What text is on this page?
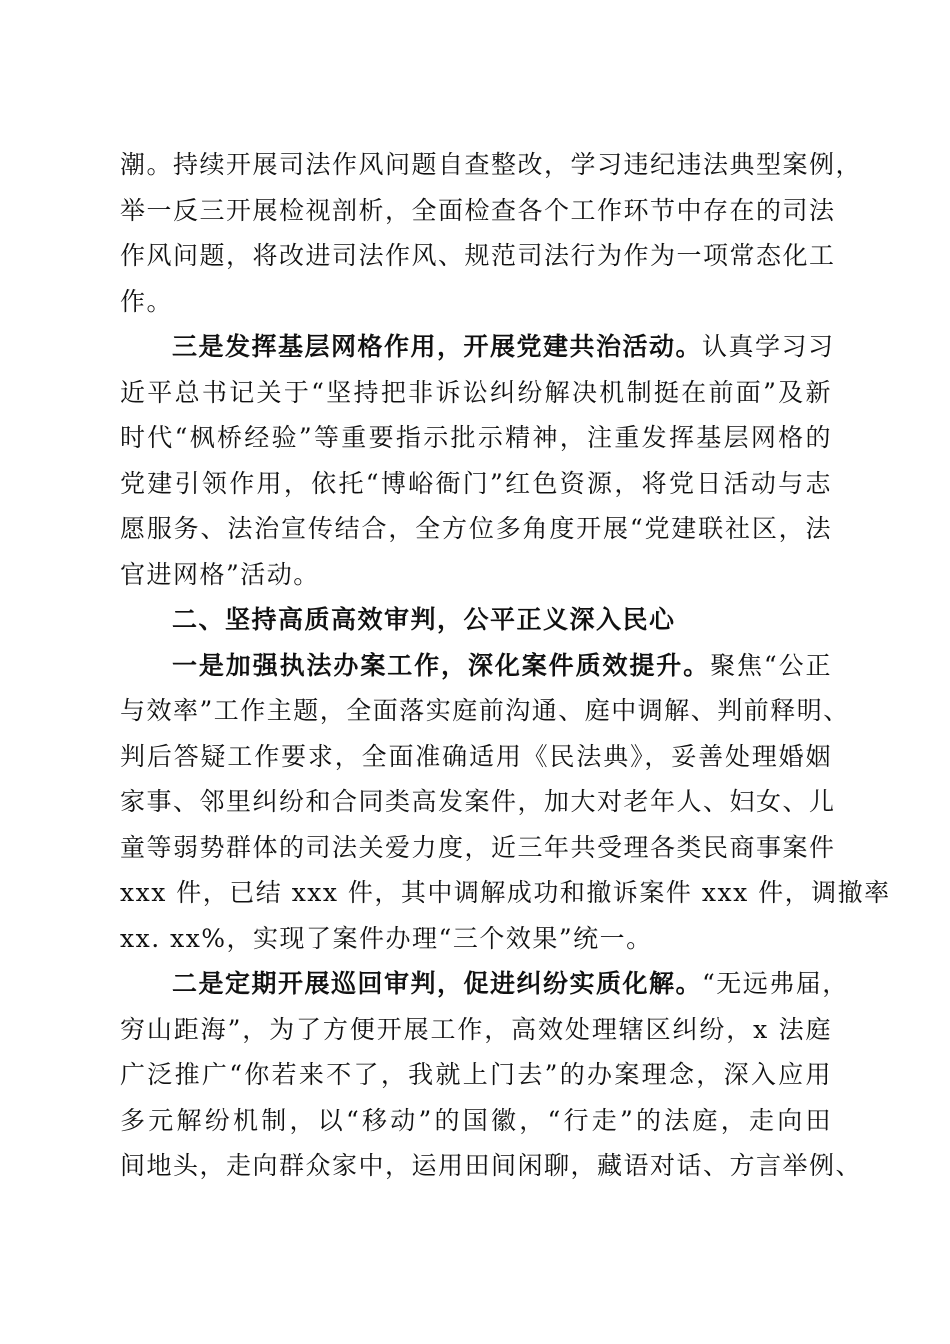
潮。持续开展司法作风问题自查整改，学习违纪违法典型案例，
举一反三开展检视剖析，全面检查各个工作环节中存在的司法
作风问题，将改进司法作风、规范司法行为作为一项常态化工
作。
三是发挥基层网格作用，开展党建共治活动。认真学习习
近平总书记关于“坚持把非诉讼纠纷解决机制挺在前面”及新
时代“枫桥经验”等重要指示批示精神，注重发挥基层网格的
党建引领作用，依托“博峪衙门”红色资源，将党日活动与志
愿服务、法治宣传结合，全方位多角度开展“党建联社区，法
官进网格”活动。
二、坚持高质高效审判，公平正义深入民心
一是加强执法办案工作，深化案件质效提升。聚焦“公正
与效率”工作主题，全面落实庭前沟通、庭中调解、判前释明、
判后答疑工作要求，全面准确适用《民法典》，妥善处理婚姻
家事、邻里纠纷和合同类高发案件，加大对老年人、妇女、儿
童等弱势群体的司法关爱力度，近三年共受理各类民商事案件
xxx 件，已结 xxx 件，其中调解成功和撤诉案件 xxx 件，调撤率
xx. xx%，实现了案件办理“三个效果”统一。
二是定期开展巡回审判，促进纠纷实质化解。“无远弗届，
穷山距海”，为了方便开展工作，高效处理辖区纠纷，x 法庭
广泛推广“你若来不了，我就上门去”的办案理念，深入应用
多元解纷机制，以“移动”的国徽，“行走”的法庭，走向田
间地头，走向群众家中，运用田间闲聊，藏语对话、方言举例、
